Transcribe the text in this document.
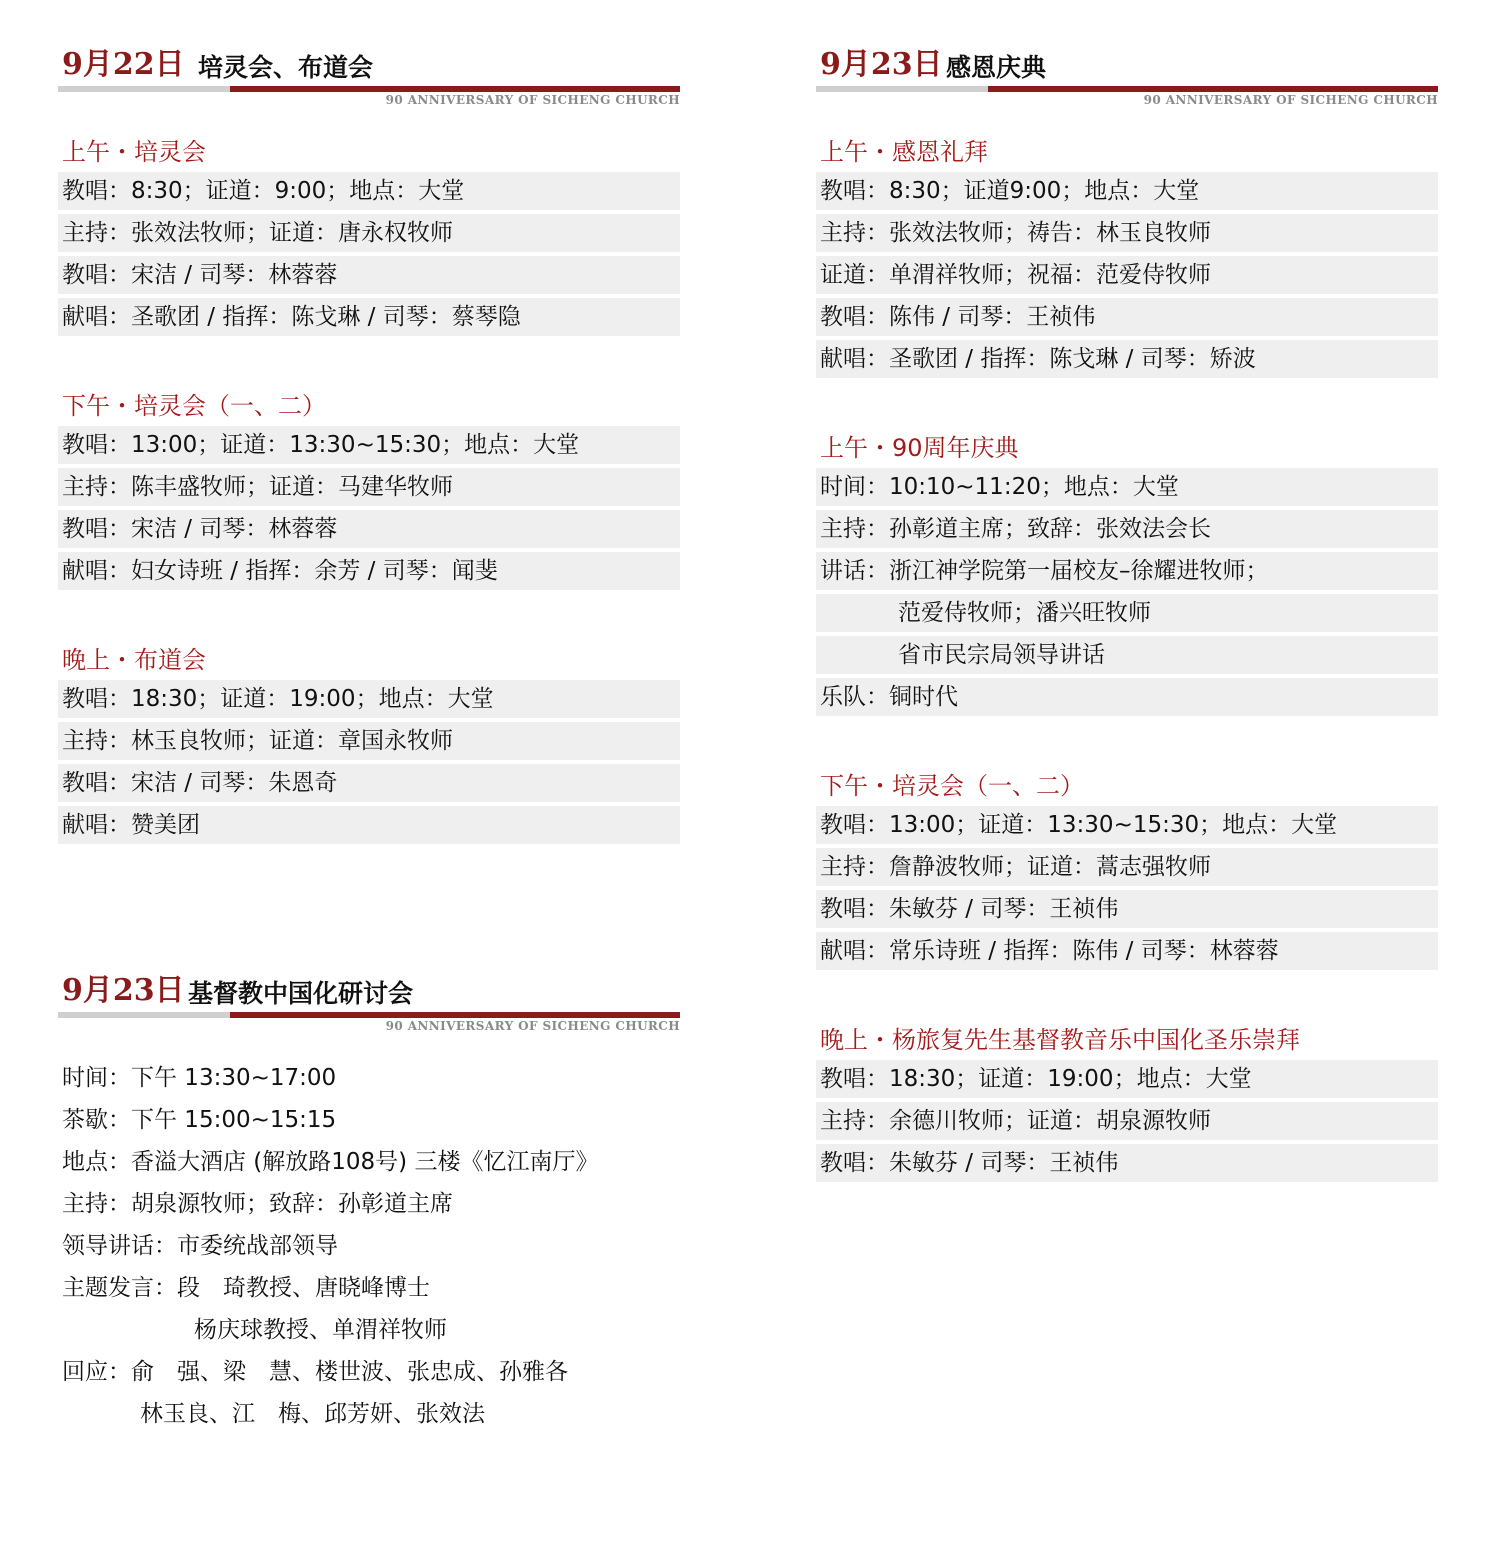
9月22日 培灵会、布道会
90 ANNIVERSARY OF SICHENG CHURCH
上午・培灵会
教唱：8:30；证道：9:00；地点：大堂
主持：张效法牧师；证道：唐永权牧师
教唱：宋洁 / 司琴：林蓉蓉
献唱：圣歌团 / 指挥：陈戈琳 / 司琴：蔡琴隐
下午・培灵会（一、二）
教唱：13:00；证道：13:30~15:30；地点：大堂
主持：陈丰盛牧师；证道：马建华牧师
教唱：宋洁 / 司琴：林蓉蓉
献唱：妇女诗班 / 指挥：余芳 / 司琴：闻斐
晚上・布道会
教唱：18:30；证道：19:00；地点：大堂
主持：林玉良牧师；证道：章国永牧师
教唱：宋洁 / 司琴：朱恩奇
献唱：赞美团
9月23日 基督教中国化研讨会
90 ANNIVERSARY OF SICHENG CHURCH
时间：下午 13:30~17:00
茶歇：下午 15:00~15:15
地点：香溢大酒店 (解放路108号) 三楼《忆江南厅》
主持：胡泉源牧师；致辞：孙彰道主席
领导讲话：市委统战部领导
主题发言：段　琦教授、唐晓峰博士
杨庆球教授、单渭祥牧师
回应：俞　强、梁　慧、楼世波、张忠成、孙雅各
林玉良、江　梅、邱芳妍、张效法
9月23日 感恩庆典
90 ANNIVERSARY OF SICHENG CHURCH
上午・感恩礼拜
教唱：8:30；证道9:00；地点：大堂
主持：张效法牧师；祷告：林玉良牧师
证道：单渭祥牧师；祝福：范爱侍牧师
教唱：陈伟 / 司琴：王祯伟
献唱：圣歌团 / 指挥：陈戈琳 / 司琴：矫波
上午・90周年庆典
时间：10:10~11:20；地点：大堂
主持：孙彰道主席；致辞：张效法会长
讲话：浙江神学院第一届校友–徐耀进牧师；
范爱侍牧师；潘兴旺牧师
省市民宗局领导讲话
乐队：铜时代
下午・培灵会（一、二）
教唱：13:00；证道：13:30~15:30；地点：大堂
主持：詹静波牧师；证道：蒿志强牧师
教唱：朱敏芬 / 司琴：王祯伟
献唱：常乐诗班 / 指挥：陈伟 / 司琴：林蓉蓉
晚上・杨旅复先生基督教音乐中国化圣乐崇拜
教唱：18:30；证道：19:00；地点：大堂
主持：余德川牧师；证道：胡泉源牧师
教唱：朱敏芬 / 司琴：王祯伟
